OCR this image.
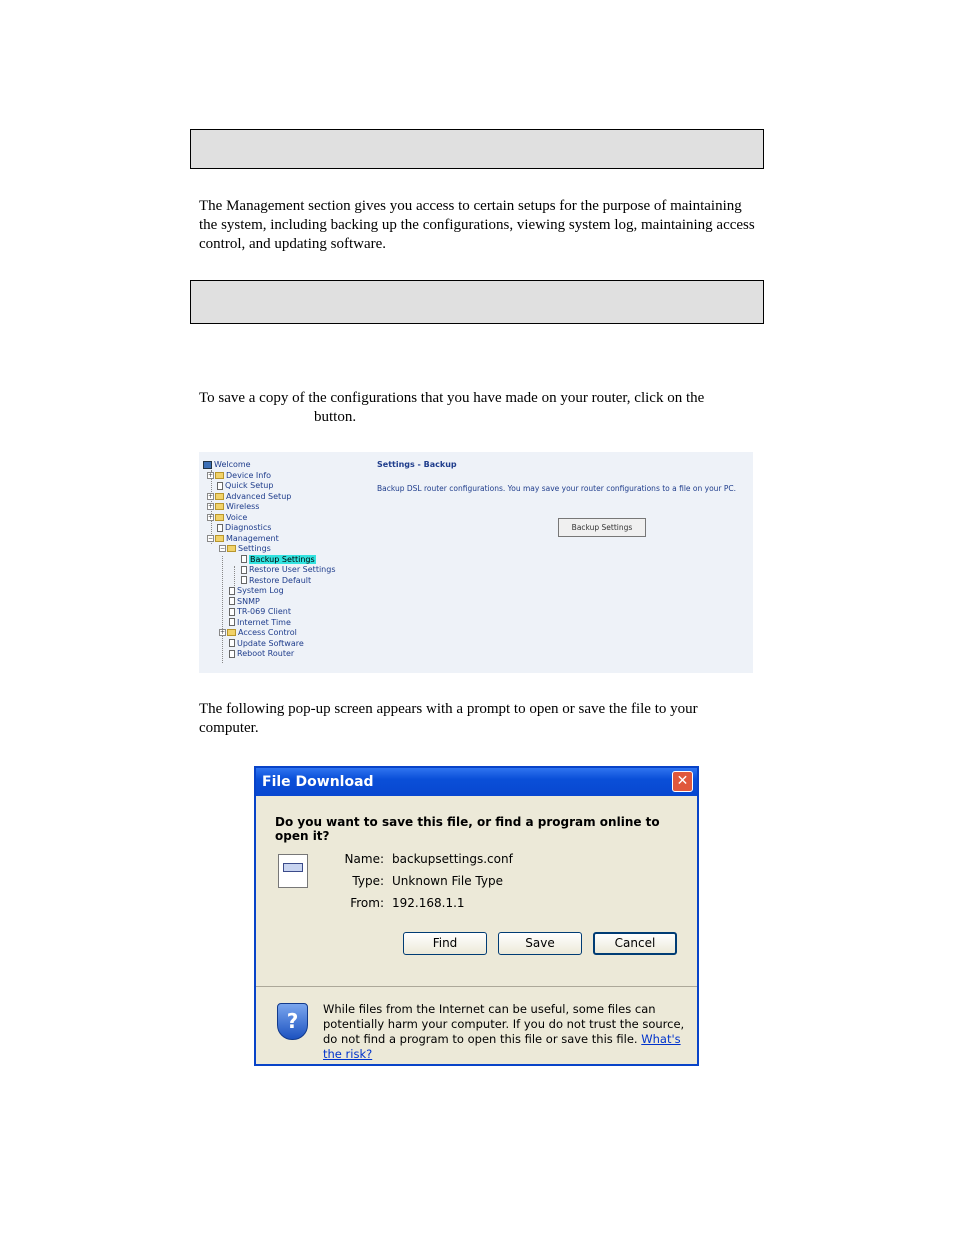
The Management section gives you access to certain setups for the purpose of maintaining the system, including backing up the configurations, viewing system log, maintaining access control, and updating software.

To save a copy of the configurations that you have made on your router, click on the
button.

Welcome
+ Device Info
Quick Setup
+ Advanced Setup
+ Wireless
+ Voice
Diagnostics
− Management
− Settings
Backup Settings
Restore User Settings
Restore Default
System Log
SNMP
TR-069 Client
Internet Time
+ Access Control
Update Software
Reboot Router
Settings - Backup
Backup DSL router configurations. You may save your router configurations to a file on your PC.
Backup Settings

The following pop-up screen appears with a prompt to open or save the file to your computer.

File Download	✕
Do you want to save this file, or find a program online to open it?
Name: backupsettings.conf
Type: Unknown File Type
From: 192.168.1.1
Find	Save	Cancel
?	While files from the Internet can be useful, some files can potentially harm your computer. If you do not trust the source, do not find a program to open this file or save this file. What's the risk?
